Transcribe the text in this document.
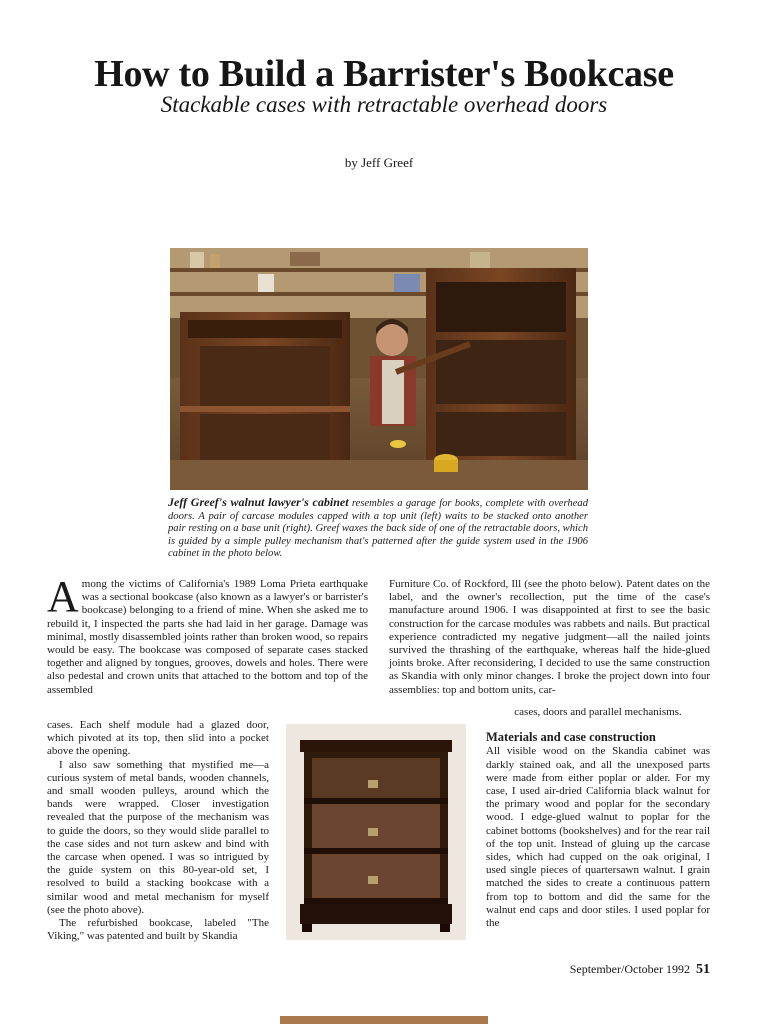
How to Build a Barrister's Bookcase
Stackable cases with retractable overhead doors
by Jeff Greef
Jeff Greef's walnut lawyer's cabinet resembles a garage for books, complete with overhead doors. A pair of carcase modules capped with a top unit (left) waits to be stacked onto another pair resting on a base unit (right). Greef waxes the back side of one of the retractable doors, which is guided by a simple pulley mechanism that's patterned after the guide system used in the 1906 cabinet in the photo below.

Among the victims of California's 1989 Loma Prieta earthquake was a sectional bookcase (also known as a lawyer's or barrister's bookcase) belonging to a friend of mine. When she asked me to rebuild it, I inspected the parts she had laid in her garage. Damage was minimal, mostly disassembled joints rather than broken wood, so repairs would be easy. The bookcase was composed of separate cases stacked together and aligned by tongues, grooves, dowels and holes. There were also pedestal and crown units that attached to the bottom and top of the assembled

cases. Each shelf module had a glazed door, which pivoted at its top, then slid into a pocket above the opening.

I also saw something that mystified me—a curious system of metal bands, wooden channels, and small wooden pulleys, around which the bands were wrapped. Closer investigation revealed that the purpose of the mechanism was to guide the doors, so they would slide parallel to the case sides and not turn askew and bind with the carcase when opened. I was so intrigued by the guide system on this 80-year-old set, I resolved to build a stacking bookcase with a similar wood and metal mechanism for myself (see the photo above).

The refurbished bookcase, labeled "The Viking," was patented and built by Skandia

Furniture Co. of Rockford, Ill (see the photo below). Patent dates on the label, and the owner's recollection, put the time of the case's manufacture around 1906. I was disappointed at first to see the basic construction for the carcase modules was rabbets and nails. But practical experience contradicted my negative judgment—all the nailed joints survived the thrashing of the earthquake, whereas half the hide-glued joints broke. After reconsidering, I decided to use the same construction as Skandia with only minor changes. I broke the project down into four assemblies: top and bottom units, car-

cases, doors and parallel mechanisms.

Materials and case construction

All visible wood on the Skandia cabinet was darkly stained oak, and all the unexposed parts were made from either poplar or alder. For my case, I used air-dried California black walnut for the primary wood and poplar for the secondary wood. I edge-glued walnut to poplar for the cabinet bottoms (bookshelves) and for the rear rail of the top unit. Instead of gluing up the carcase sides, which had cupped on the oak original, I used single pieces of quartersawn walnut. I grain matched the sides to create a continuous pattern from top to bottom and did the same for the walnut end caps and door stiles. I used poplar for the

September/October 1992 51
